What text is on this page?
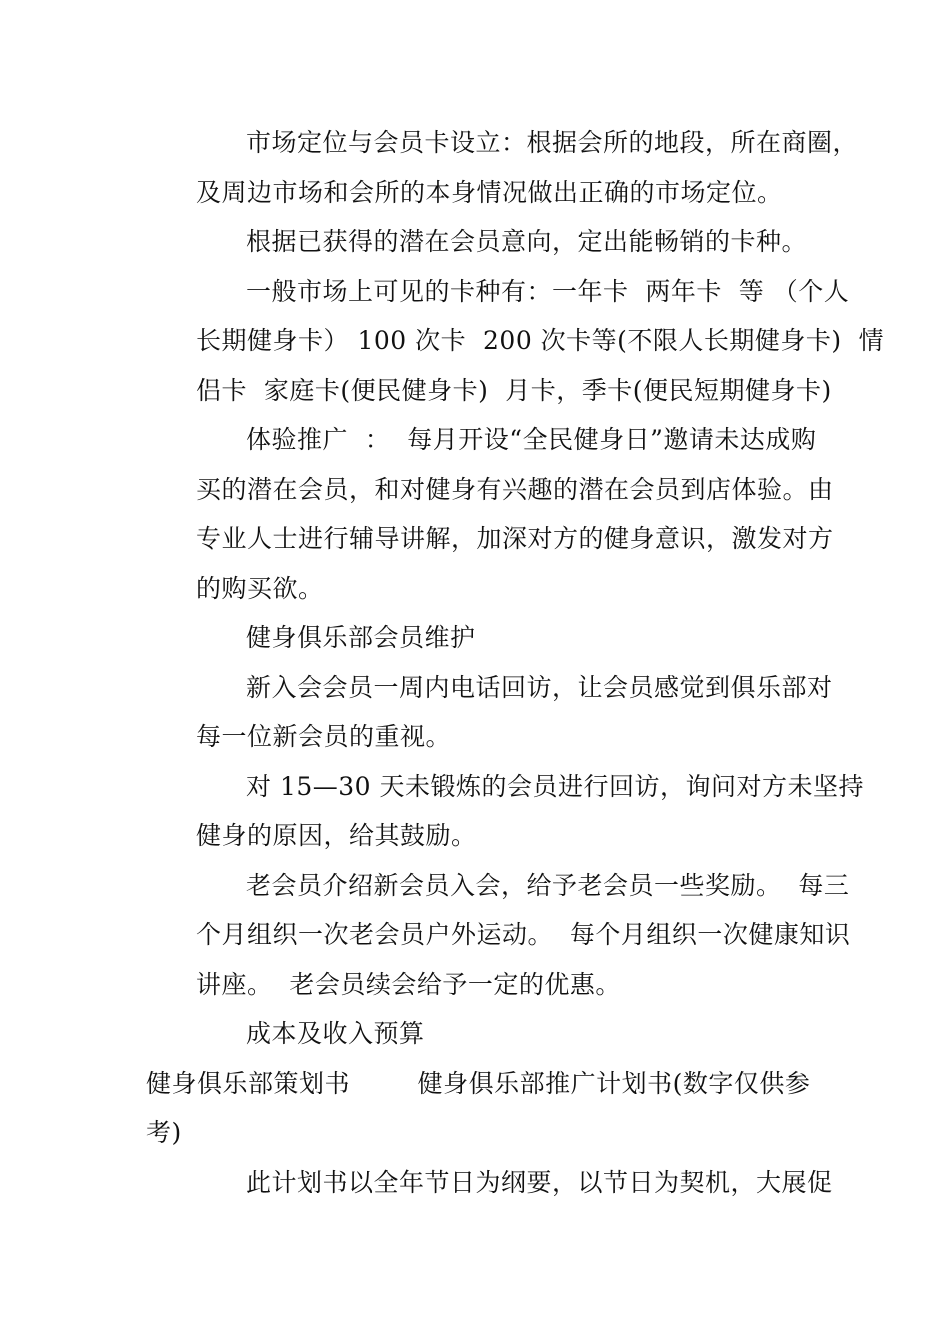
市场定位与会员卡设立：根据会所的地段，所在商圈，
及周边市场和会所的本身情况做出正确的市场定位。
根据已获得的潜在会员意向，定出能畅销的卡种。
一般市场上可见的卡种有：一年卡  两年卡  等 （个人
长期健身卡） 100 次卡  200 次卡等(不限人长期健身卡)  情
侣卡  家庭卡(便民健身卡)  月卡，季卡(便民短期健身卡)
体验推广  ：  每月开设“全民健身日”邀请未达成购
买的潜在会员，和对健身有兴趣的潜在会员到店体验。由
专业人士进行辅导讲解，加深对方的健身意识，激发对方
的购买欲。
健身俱乐部会员维护
新入会会员一周内电话回访，让会员感觉到俱乐部对
每一位新会员的重视。
对 15—30 天未锻炼的会员进行回访，询问对方未坚持
健身的原因，给其鼓励。
老会员介绍新会员入会，给予老会员一些奖励。  每三
个月组织一次老会员户外运动。  每个月组织一次健康知识
讲座。  老会员续会给予一定的优惠。
成本及收入预算
健身俱乐部策划书        健身俱乐部推广计划书(数字仅供参
考)
此计划书以全年节日为纲要，以节日为契机，大展促
